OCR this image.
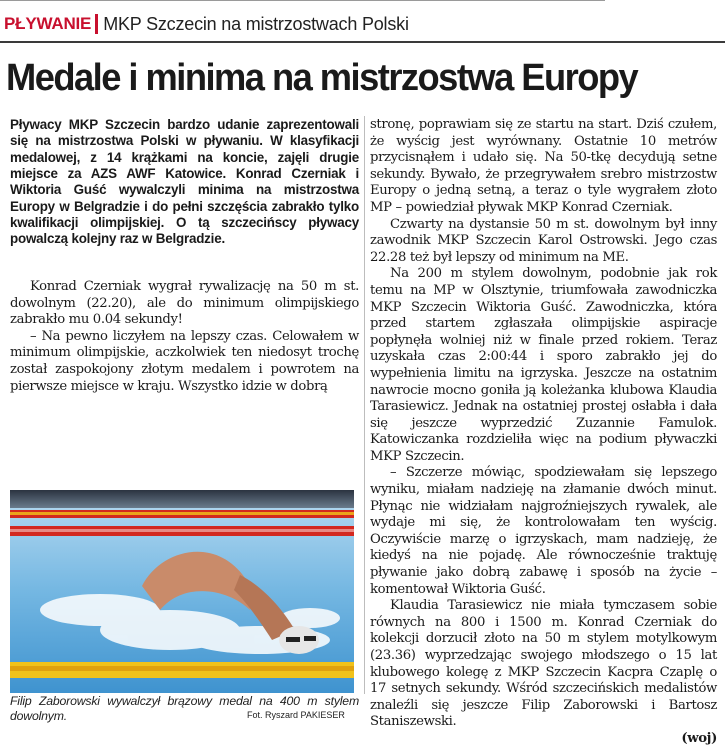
PŁYWANIE MKP Szczecin na mistrzostwach Polski
Medale i minima na mistrzostwa Europy

Pływacy MKP Szczecin bardzo udanie zaprezentowali się na mistrzostwa Polski w pływaniu. W klasyfikacji medalowej, z 14 krążkami na koncie, zajęli drugie miejsce za AZS AWF Katowice. Konrad Czerniak i Wiktoria Guść wywalczyli minima na mistrzostwa Europy w Belgradzie i do pełni szczęścia zabrakło tylko kwalifikacji olimpijskiej. O tą szczecińscy pływacy powalczą kolejny raz w Belgradzie.

Konrad Czerniak wygrał rywalizację na 50 m st. dowolnym (22.20), ale do minimum olimpijskiego zabrakło mu 0.04 sekundy!

– Na pewno liczyłem na lepszy czas. Celowałem w minimum olimpijskie, aczkolwiek ten niedosyt trochę został zaspokojony złotym medalem i powrotem na pierwsze miejsce w kraju. Wszystko idzie w dobrą

Filip Zaborowski wywalczył brązowy medal na 400 m stylem dowolnym.	Fot. Ryszard PAKIESER

stronę, poprawiam się ze startu na start. Dziś czułem, że wyścig jest wyrównany. Ostatnie 10 metrów przycisnąłem i udało się. Na 50-tkę decydują setne sekundy. Bywało, że przegrywałem srebro mistrzostw Europy o jedną setną, a teraz o tyle wygrałem złoto MP – powiedział pływak MKP Konrad Czerniak.

Czwarty na dystansie 50 m st. dowolnym był inny zawodnik MKP Szczecin Karol Ostrowski. Jego czas 22.28 też był lepszy od minimum na ME.

Na 200 m stylem dowolnym, podobnie jak rok temu na MP w Olsztynie, triumfowała zawodniczka MKP Szczecin Wiktoria Guść. Zawodniczka, która przed startem zgłaszała olimpijskie aspiracje popłynęła wolniej niż w finale przed rokiem. Teraz uzyskała czas 2:00:44 i sporo zabrakło jej do wypełnienia limitu na igrzyska. Jeszcze na ostatnim nawrocie mocno goniła ją koleżanka klubowa Klaudia Tarasiewicz. Jednak na ostatniej prostej osłabła i dała się jeszcze wyprzedzić Zuzannie Famulok. Katowiczanka rozdzieliła więc na podium pływaczki MKP Szczecin.

– Szczerze mówiąc, spodziewałam się lepszego wyniku, miałam nadzieję na złamanie dwóch minut. Płynąc nie widziałam najgroźniejszych rywalek, ale wydaje mi się, że kontrolowałam ten wyścig. Oczywiście marzę o igrzyskach, mam nadzieję, że kiedyś na nie pojadę. Ale równocześnie traktuję pływanie jako dobrą zabawę i sposób na życie – komentował Wiktoria Guść.

Klaudia Tarasiewicz nie miała tymczasem sobie równych na 800 i 1500 m. Konrad Czerniak do kolekcji dorzucił złoto na 50 m stylem motylkowym (23.36) wyprzedzając swojego młodszego o 15 lat klubowego kolegę z MKP Szczecin Kacpra Czaplę o 17 setnych sekundy. Wśród szczecińskich medalistów znaleźli się jeszcze Filip Zaborowski i Bartosz Staniszewski.

(woj)
